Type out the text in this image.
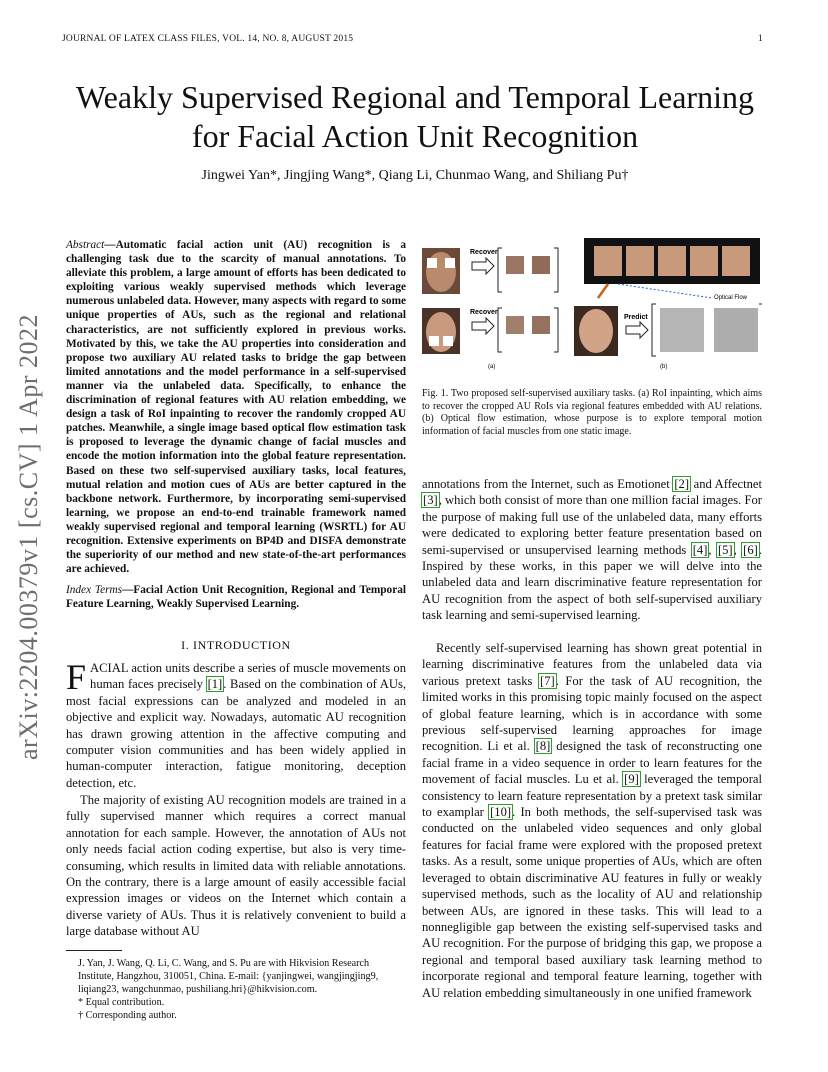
JOURNAL OF LATEX CLASS FILES, VOL. 14, NO. 8, AUGUST 2015	1
Weakly Supervised Regional and Temporal Learning for Facial Action Unit Recognition
Jingwei Yan*, Jingjing Wang*, Qiang Li, Chunmao Wang, and Shiliang Pu†
arXiv:2204.00379v1 [cs.CV] 1 Apr 2022
Abstract—Automatic facial action unit (AU) recognition is a challenging task due to the scarcity of manual annotations. To alleviate this problem, a large amount of efforts has been dedicated to exploiting various weakly supervised methods which leverage numerous unlabeled data. However, many aspects with regard to some unique properties of AUs, such as the regional and relational characteristics, are not sufficiently explored in previous works. Motivated by this, we take the AU properties into consideration and propose two auxiliary AU related tasks to bridge the gap between limited annotations and the model performance in a self-supervised manner via the unlabeled data. Specifically, to enhance the discrimination of regional features with AU relation embedding, we design a task of RoI inpainting to recover the randomly cropped AU patches. Meanwhile, a single image based optical flow estimation task is proposed to leverage the dynamic change of facial muscles and encode the motion information into the global feature representation. Based on these two self-supervised auxiliary tasks, local features, mutual relation and motion cues of AUs are better captured in the backbone network. Furthermore, by incorporating semi-supervised learning, we propose an end-to-end trainable framework named weakly supervised regional and temporal learning (WSRTL) for AU recognition. Extensive experiments on BP4D and DISFA demonstrate the superiority of our method and new state-of-the-art performances are achieved.
Index Terms—Facial Action Unit Recognition, Regional and Temporal Feature Learning, Weakly Supervised Learning.
I. INTRODUCTION
FACIAL action units describe a series of muscle movements on human faces precisely [1]. Based on the combination of AUs, most facial expressions can be analyzed and modeled in an objective and explicit way. Nowadays, automatic AU recognition has drawn growing attention in the affective computing and computer vision communities and has been widely applied in human-computer interaction, fatigue monitoring, deception detection, etc.
The majority of existing AU recognition models are trained in a fully supervised manner which requires a correct manual annotation for each sample. However, the annotation of AUs not only needs facial action coding expertise, but also is very time-consuming, which results in limited data with reliable annotations. On the contrary, there is a large amount of easily accessible facial expression images or videos on the Internet which contain a diverse variety of AUs. Thus it is relatively convenient to build a large database without AU

J. Yan, J. Wang, Q. Li, C. Wang, and S. Pu are with Hikvision Research Institute, Hangzhou, 310051, China. E-mail: {yanjingwei, wangjingjing9, liqiang23, wangchunmao, pushiliang.hri}@hikvision.com.

* Equal contribution.

† Corresponding author.

Recover
Recover
(a)
Optical Flow
Predict
(b)
Fig. 1. Two proposed self-supervised auxiliary tasks. (a) RoI inpainting, which aims to recover the cropped AU RoIs via regional features embedded with AU relations. (b) Optical flow estimation, whose purpose is to explore temporal motion information of facial muscles from one static image.
annotations from the Internet, such as Emotionet [2] and Affectnet [3], which both consist of more than one million facial images. For the purpose of making full use of the unlabeled data, many efforts were dedicated to exploring better feature presentation based on semi-supervised or unsupervised learning methods [4], [5], [6]. Inspired by these works, in this paper we will delve into the unlabeled data and learn discriminative feature representation for AU recognition from the aspect of both self-supervised auxiliary task learning and semi-supervised learning.
Recently self-supervised learning has shown great potential in learning discriminative features from the unlabeled data via various pretext tasks [7]. For the task of AU recognition, the limited works in this promising topic mainly focused on the aspect of global feature learning, which is in accordance with some previous self-supervised learning approaches for image recognition. Li et al. [8] designed the task of reconstructing one facial frame in a video sequence in order to learn features for the movement of facial muscles. Lu et al. [9] leveraged the temporal consistency to learn feature representation by a pretext task similar to examplar [10]. In both methods, the self-supervised task was conducted on the unlabeled video sequences and only global features for facial frame were explored with the proposed pretext tasks. As a result, some unique properties of AUs, which are often leveraged to obtain discriminative AU features in fully or weakly supervised methods, such as the locality of AU and relationship between AUs, are ignored in these tasks. This will lead to a nonnegligible gap between the existing self-supervised tasks and AU recognition. For the purpose of bridging this gap, we propose a regional and temporal based auxiliary task learning method to incorporate regional and temporal feature learning, together with AU relation embedding simultaneously in one unified framework
